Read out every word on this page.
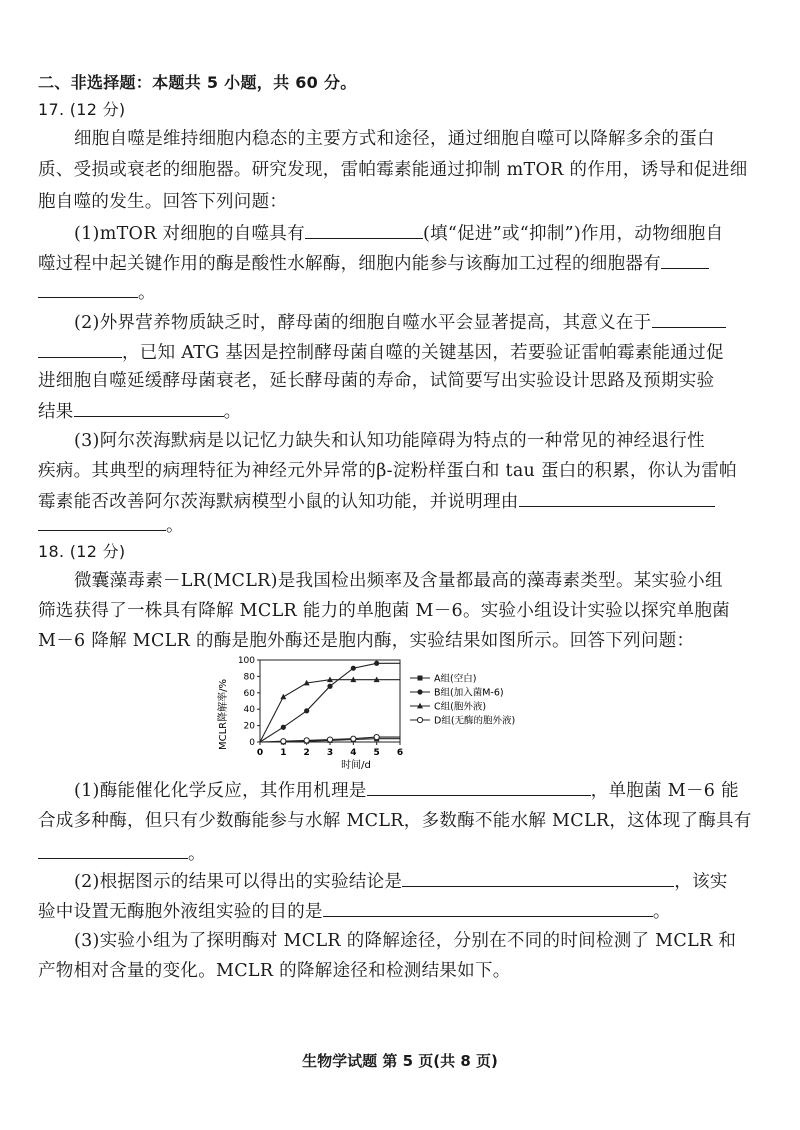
二、非选择题：本题共 5 小题，共 60 分。
17. (12 分)
细胞自噬是维持细胞内稳态的主要方式和途径，通过细胞自噬可以降解多余的蛋白
质、受损或衰老的细胞器。研究发现，雷帕霉素能通过抑制 mTOR 的作用，诱导和促进细
胞自噬的发生。回答下列问题：
(1)mTOR 对细胞的自噬具有	(填“促进”或“抑制”)作用，动物细胞自
噬过程中起关键作用的酶是酸性水解酶，细胞内能参与该酶加工过程的细胞器有
。
(2)外界营养物质缺乏时，酵母菌的细胞自噬水平会显著提高，其意义在于
，已知 ATG 基因是控制酵母菌自噬的关键基因，若要验证雷帕霉素能通过促
进细胞自噬延缓酵母菌衰老，延长酵母菌的寿命，试简要写出实验设计思路及预期实验
结果	。
(3)阿尔茨海默病是以记忆力缺失和认知功能障碍为特点的一种常见的神经退行性
疾病。其典型的病理特征为神经元外异常的β-淀粉样蛋白和 tau 蛋白的积累，你认为雷帕
霉素能否改善阿尔茨海默病模型小鼠的认知功能，并说明理由
。
18. (12 分)
微囊藻毒素－LR(MCLR)是我国检出频率及含量都最高的藻毒素类型。某实验小组
筛选获得了一株具有降解 MCLR 能力的单胞菌 M－6。实验小组设计实验以探究单胞菌
M－6 降解 MCLR 的酶是胞外酶还是胞内酶，实验结果如图所示。回答下列问题：
0
20
40
60
80
100
0 1 2 3 4 5 6
MCLR降解率/%
时间/d
A组(空白)
B组(加入菌M-6)
C组(胞外液)
D组(无酶的胞外液)
(1)酶能催化化学反应，其作用机理是	，单胞菌 M－6 能
合成多种酶，但只有少数酶能参与水解 MCLR，多数酶不能水解 MCLR，这体现了酶具有
。
(2)根据图示的结果可以得出的实验结论是	，该实
验中设置无酶胞外液组实验的目的是	。
(3)实验小组为了探明酶对 MCLR 的降解途径，分别在不同的时间检测了 MCLR 和
产物相对含量的变化。MCLR 的降解途径和检测结果如下。
生物学试题 第 5 页(共 8 页)
